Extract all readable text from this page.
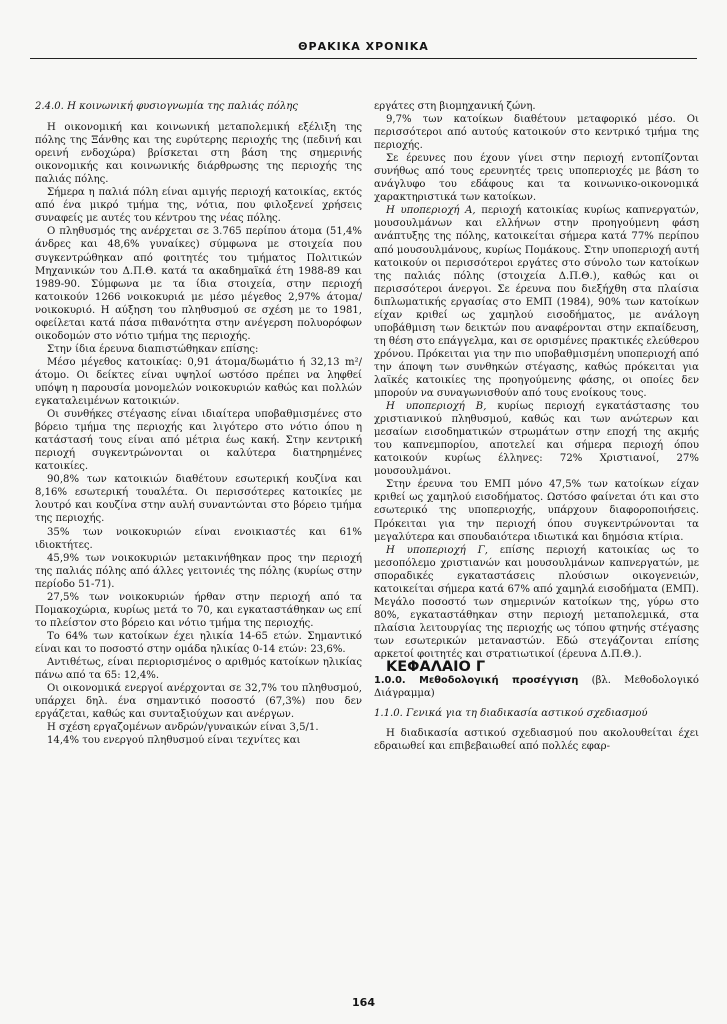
ΘΡΑΚΙΚΑ ΧΡΟΝΙΚΑ

2.4.0. Η κοινωνική φυσιογνωμία της παλιάς πόλης

Η οικονομική και κοινωνική μεταπολεμική εξέλιξη της πόλης της Ξάνθης και της ευρύτερης περιοχής της (πεδινή και ορεινή ενδοχώρα) βρίσκεται στη βάση της σημερινής οικονομικής και κοινωνικής διάρθρωσης της περιοχής της παλιάς πόλης.

Σήμερα η παλιά πόλη είναι αμιγής περιοχή κατοικίας, εκτός από ένα μικρό τμήμα της, νότια, που φιλοξενεί χρήσεις συναφείς με αυτές του κέντρου της νέας πόλης.

Ο πληθυσμός της ανέρχεται σε 3.765 περίπου άτομα (51,4% άνδρες και 48,6% γυναίκες) σύμφωνα με στοιχεία που συγκεντρώθηκαν από φοιτητές του τμήματος Πολιτικών Μηχανικών του Δ.Π.Θ. κατά τα ακαδημαϊκά έτη 1988-89 και 1989-90. Σύμφωνα με τα ίδια στοιχεία, στην περιοχή κατοικούν 1266 νοικοκυριά με μέσο μέγεθος 2,97% άτομα/νοικοκυριό. Η αύξηση του πληθυσμού σε σχέση με το 1981, οφείλεται κατά πάσα πιθανότητα στην ανέγερση πολυορόφων οικοδομών στο νότιο τμήμα της περιοχής.

Στην ίδια έρευνα διαπιστώθηκαν επίσης:

Μέσο μέγεθος κατοικίας: 0,91 άτομα/δωμάτιο ή 32,13 m²/άτομο. Οι δείκτες είναι υψηλοί ωστόσο πρέπει να ληφθεί υπόψη η παρουσία μονομελών νοικοκυριών καθώς και πολλών εγκαταλειμένων κατοικιών.

Οι συνθήκες στέγασης είναι ιδιαίτερα υποβαθμισμένες στο βόρειο τμήμα της περιοχής και λιγότερο στο νότιο όπου η κατάστασή τους είναι από μέτρια έως κακή. Στην κεντρική περιοχή συγκεντρώνονται οι καλύτερα διατηρημένες κατοικίες.

90,8% των κατοικιών διαθέτουν εσωτερική κουζίνα και 8,16% εσωτερική τουαλέτα. Οι περισσότερες κατοικίες με λουτρό και κουζίνα στην αυλή συναντώνται στο βόρειο τμήμα της περιοχής.

35% των νοικοκυριών είναι ενοικιαστές και 61% ιδιοκτήτες.

45,9% των νοικοκυριών μετακινήθηκαν προς την περιοχή της παλιάς πόλης από άλλες γειτονιές της πόλης (κυρίως στην περίοδο 51-71).

27,5% των νοικοκυριών ήρθαν στην περιοχή από τα Πομακοχώρια, κυρίως μετά το 70, και εγκαταστάθηκαν ως επί το πλείστον στο βόρειο και νότιο τμήμα της περιοχής.

Το 64% των κατοίκων έχει ηλικία 14-65 ετών. Σημαντικό είναι και το ποσοστό στην ομάδα ηλικίας 0-14 ετών: 23,6%.

Αντιθέτως, είναι περιορισμένος ο αριθμός κατοίκων ηλικίας πάνω από τα 65: 12,4%.

Οι οικονομικά ενεργοί ανέρχονται σε 32,7% του πληθυσμού, υπάρχει δηλ. ένα σημαντικό ποσοστό (67,3%) που δεν εργάζεται, καθώς και συνταξιούχων και ανέργων.

Η σχέση εργαζομένων ανδρών/γυναικών είναι 3,5/1.

14,4% του ενεργού πληθυσμού είναι τεχνίτες και

εργάτες στη βιομηχανική ζώνη.

9,7% των κατοίκων διαθέτουν μεταφορικό μέσο. Οι περισσότεροι από αυτούς κατοικούν στο κεντρικό τμήμα της περιοχής.

Σε έρευνες που έχουν γίνει στην περιοχή εντοπίζονται συνήθως από τους ερευνητές τρεις υποπεριοχές με βάση το ανάγλυφο του εδάφους και τα κοινωνικο-οικονομικά χαρακτηριστικά των κατοίκων.

Η υποπεριοχή Α, περιοχή κατοικίας κυρίως καπνεργατών, μουσουλμάνων και ελλήνων στην προηγούμενη φάση ανάπτυξης της πόλης, κατοικείται σήμερα κατά 77% περίπου από μουσουλμάνους, κυρίως Πομάκους. Στην υποπεριοχή αυτή κατοικούν οι περισσότεροι εργάτες στο σύνολο των κατοίκων της παλιάς πόλης (στοιχεία Δ.Π.Θ.), καθώς και οι περισσότεροι άνεργοι. Σε έρευνα που διεξήχθη στα πλαίσια διπλωματικής εργασίας στο ΕΜΠ (1984), 90% των κατοίκων είχαν κριθεί ως χαμηλού εισοδήματος, με ανάλογη υποβάθμιση των δεικτών που αναφέρονται στην εκπαίδευση, τη θέση στο επάγγελμα, και σε ορισμένες πρακτικές ελεύθερου χρόνου. Πρόκειται για την πιο υποβαθμισμένη υποπεριοχή από την άποψη των συνθηκών στέγασης, καθώς πρόκειται για λαϊκές κατοικίες της προηγούμενης φάσης, οι οποίες δεν μπορούν να συναγωνισθούν από τους ενοίκους τους.

Η υποπεριοχή Β, κυρίως περιοχή εγκατάστασης του χριστιανικού πληθυσμού, καθώς και των ανώτερων και μεσαίων εισοδηματικών στρωμάτων στην εποχή της ακμής του καπνεμπορίου, αποτελεί και σήμερα περιοχή όπου κατοικούν κυρίως έλληνες: 72% Χριστιανοί, 27% μουσουλμάνοι.

Στην έρευνα του ΕΜΠ μόνο 47,5% των κατοίκων είχαν κριθεί ως χαμηλού εισοδήματος. Ωστόσο φαίνεται ότι και στο εσωτερικό της υποπεριοχής, υπάρχουν διαφοροποιήσεις. Πρόκειται για την περιοχή όπου συγκεντρώνονται τα μεγαλύτερα και σπουδαιότερα ιδιωτικά και δημόσια κτίρια.

Η υποπεριοχή Γ, επίσης περιοχή κατοικίας ως το μεσοπόλεμο χριστιανών και μουσουλμάνων καπνεργατών, με σποραδικές εγκαταστάσεις πλούσιων οικογενειών, κατοικείται σήμερα κατά 67% από χαμηλά εισοδήματα (ΕΜΠ). Μεγάλο ποσοστό των σημερινών κατοίκων της, γύρω στο 80%, εγκαταστάθηκαν στην περιοχή μεταπολεμικά, στα πλαίσια λειτουργίας της περιοχής ως τόπου φτηνής στέγασης των εσωτερικών μεταναστών. Εδώ στεγάζονται επίσης αρκετοί φοιτητές και στρατιωτικοί (έρευνα Δ.Π.Θ.).

ΚΕΦΑΛΑΙΟ Γ

1.0.0. Μεθοδολογική προσέγγιση (βλ. Μεθοδολογικό Διάγραμμα)

1.1.0. Γενικά για τη διαδικασία αστικού σχεδιασμού

Η διαδικασία αστικού σχεδιασμού που ακολουθείται έχει εδραιωθεί και επιβεβαιωθεί από πολλές εφαρ-

164
